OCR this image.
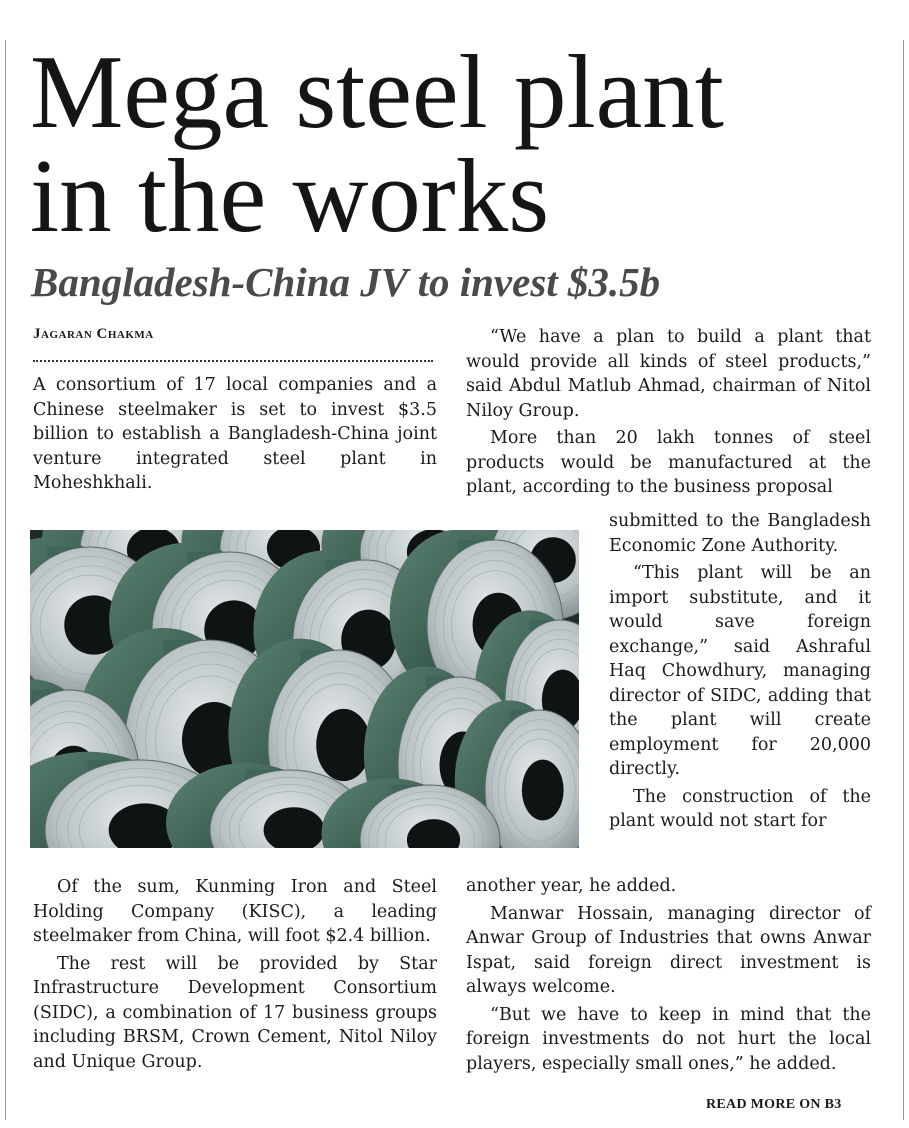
Mega steel plant
in the works
Bangladesh-China JV to invest $3.5b
Jagaran Chakma

A consortium of 17 local companies and a Chinese steelmaker is set to invest $3.5 billion to establish a Bangladesh-China joint venture integrated steel plant in Moheshkhali.

Of the sum, Kunming Iron and Steel Holding Company (KISC), a leading steelmaker from China, will foot $2.4 billion.

The rest will be provided by Star Infrastructure Development Consortium (SIDC), a combination of 17 business groups including BRSM, Crown Cement, Nitol Niloy and Unique Group.

“We have a plan to build a plant that would provide all kinds of steel products,” said Abdul Matlub Ahmad, chairman of Nitol Niloy Group.

More than 20 lakh tonnes of steel products would be manufactured at the plant, according to the business proposal

submitted to the Bangladesh Economic Zone Authority.

“This plant will be an import substitute, and it would save foreign exchange,” said Ashraful Haq Chowdhury, managing director of SIDC, adding that the plant will create employment for 20,000 directly.

The construction of the plant would not start for

another year, he added.

Manwar Hossain, managing director of Anwar Group of Industries that owns Anwar Ispat, said foreign direct investment is always welcome.

“But we have to keep in mind that the foreign investments do not hurt the local players, especially small ones,” he added.

READ MORE ON B3
